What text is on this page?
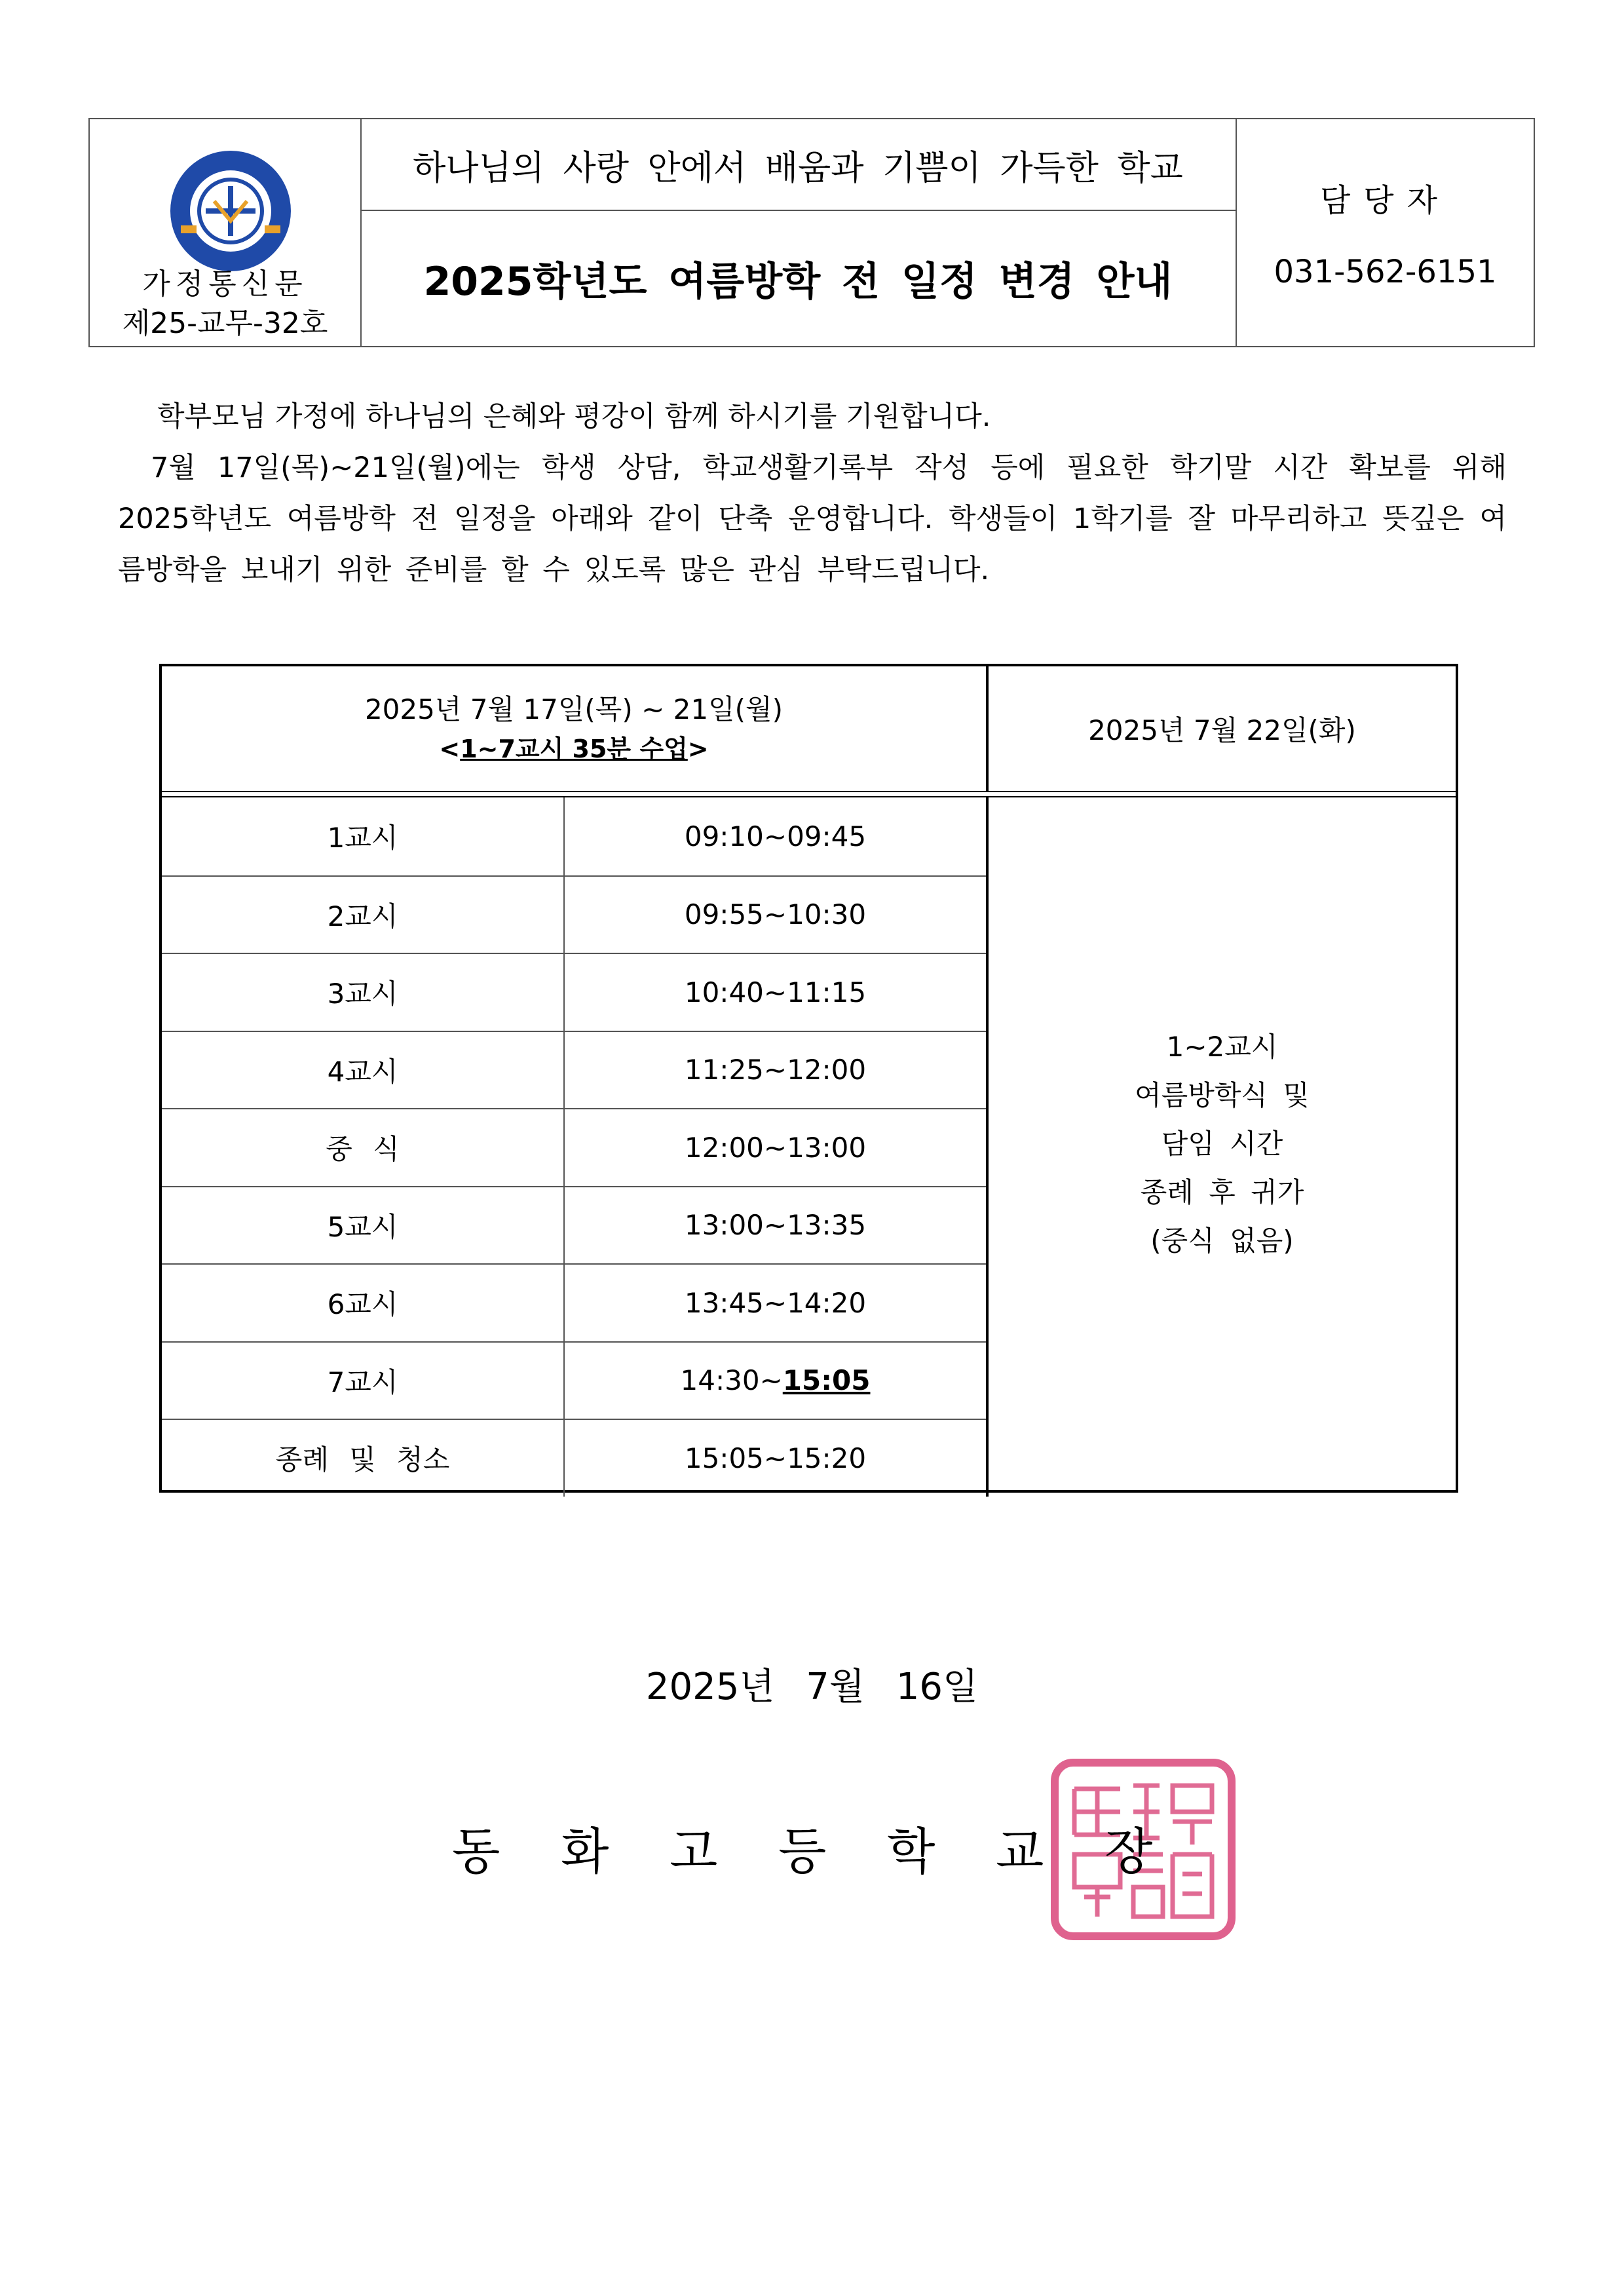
가정통신문
제25-교무-32호
하나님의 사랑 안에서 배움과 기쁨이 가득한 학교
2025학년도 여름방학 전 일정 변경 안내
담당자
031-562-6151
학부모님 가정에 하나님의 은혜와 평강이 함께 하시기를 기원합니다.
7월 17일(목)~21일(월)에는 학생 상담, 학교생활기록부 작성 등에 필요한 학기말 시간 확보를 위해 2025학년도 여름방학 전 일정을 아래와 같이 단축 운영합니다. 학생들이 1학기를 잘 마무리하고 뜻깊은 여름방학을 보내기 위한 준비를 할 수 있도록 많은 관심 부탁드립니다.
2025년 7월 17일(목) ~ 21일(월)
<1~7교시 35분 수업>
2025년 7월 22일(화)
1교시	09:10~09:45
2교시	09:55~10:30
3교시	10:40~11:15
4교시	11:25~12:00
중 식	12:00~13:00
5교시	13:00~13:35
6교시	13:45~14:20
7교시	14:30~ 15:05
종례 및 청소	15:05~15:20
1~2교시
여름방학식 및
담임 시간
종례 후 귀가
(중식 없음)
2025년 7월 16일
동	화	고	등	학	교	장
